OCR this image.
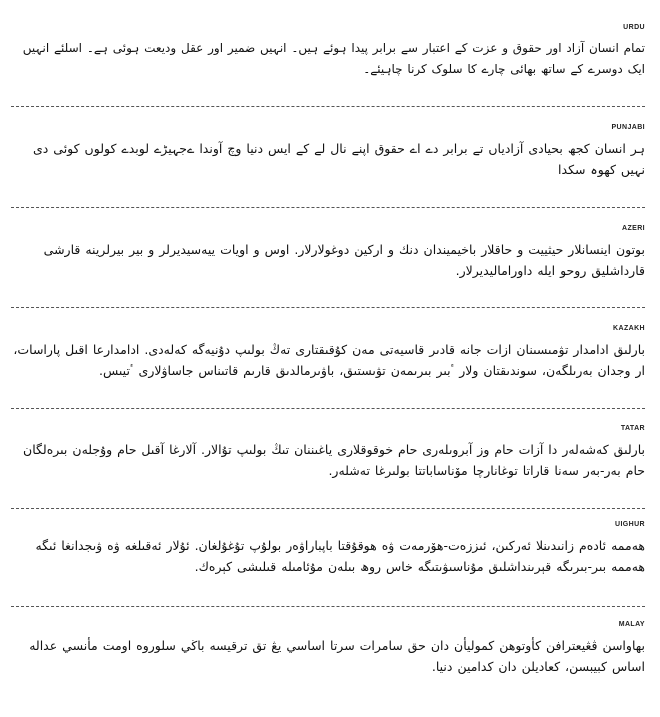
URDU

تمام انسان آزاد اور حقوق و عزت کے اعتبار سے برابر پیدا ہوئے ہیں۔ انہیں ضمیر اور عقل ودیعت ہوئی ہے۔ اسلئے انہیں ایک دوسرے کے ساتھ بھائی چارے کا سلوک کرنا چاہیئے۔

PUNJABI

ہر انسان کجھ بحیادی آزادیاں تے برابر دے اے حقوق اپنے نال لے کے ایس دنیا وچ آوندا ےجہیڑے لوبدے کولوں کوئی دی نہیں کھوہ سکدا

AZERI

بوتون اینسانلار حیثییت و حاقلار باخیمیندان دنك و ارکین دوغولارلار. اوس و اویات ییه‌سیدیرلر و بیر بیرلرینه قارشی قارداشلیق روحو ایله داورامالیدیرلار.

KAZAKH

بارلىق ادامدار تۋمىسىنان ازات جانە قادىر قاسيەتى مەن كۇقىقتارى تەڭ بولىپ دۇنيەگە كەلەدى. ادامدارعا اقىل پاراسات، ار وجدان بەرىلگەن، سوندىقتان ولار ٴبىر بىرىمەن تۋىستىق، باۋىرمالدىق قارىم قاتىناس جاساۋلارى ٴتيىس.

TATAR

بارلىق كەشەلەر دا آزات حام وز آبروىلەرى حام خوقوقلارى ياغىننان تىڭ بولىپ تۇالار. آلارغا آقىل حام وۇجلەن بىرەلگان حام بەر-بەر سەنا قاراتا توغانارچا مۆناساباتتا بولىرغا تەشلەر.

UIGHUR

ھەممە ئادەم زانىدىنلا ئەركىن، ئىززەت-ھۆرمەت ۋە ھوقۇقتا باپباراۋەر بولۇپ تۇغۇلغان. ئۇلار ئەقىلغە ۋە ۋىجدانغا ئىگە ھەممە بىر-بىرىگە قېرىنداشلىق مۇناسىۋىتىگە خاس روھ بىلەن مۇئامىلە قىلىشى كېرەك.

MALAY

بهاواسن ڤڠيعترافن كأوتوهن كموليأن دان حق سامرات سرتا اساسي يڠ تق ترقيسه باڬي سلوروه اومت مأنسي عداله اساس كبيبسن، كعاديلن دان كدامين دنيا.
